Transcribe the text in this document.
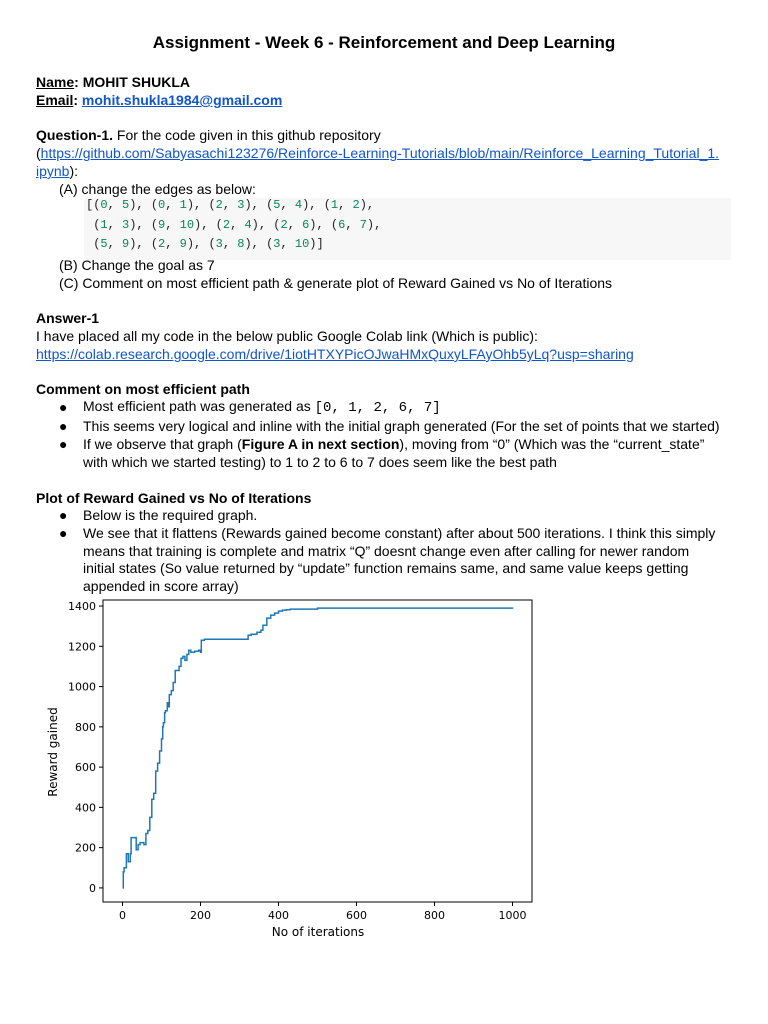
Assignment - Week 6 - Reinforcement and Deep Learning
Name: MOHIT SHUKLA
Email: mohit.shukla1984@gmail.com
Question-1. For the code given in this github repository
(https://github.com/Sabyasachi123276/Reinforce-Learning-Tutorials/blob/main/Reinforce_Learning_Tutorial_1.
ipynb):
(A) change the edges as below:
[(0, 5), (0, 1), (2, 3), (5, 4), (1, 2),
(1, 3), (9, 10), (2, 4), (2, 6), (6, 7),
(5, 9), (2, 9), (3, 8), (3, 10)]
(B) Change the goal as 7
(C) Comment on most efficient path & generate plot of Reward Gained vs No of Iterations
Answer-1
I have placed all my code in the below public Google Colab link (Which is public):
https://colab.research.google.com/drive/1iotHTXYPicOJwaHMxQuxyLFAyOhb5yLq?usp=sharing
Comment on most efficient path
● Most efficient path was generated as [0, 1, 2, 6, 7]
● This seems very logical and inline with the initial graph generated (For the set of points that we started)
● If we observe that graph (Figure A in next section), moving from “0” (Which was the “current_state”
with which we started testing) to 1 to 2 to 6 to 7 does seem like the best path
Plot of Reward Gained vs No of Iterations
● Below is the required graph.
● We see that it flattens (Rewards gained become constant) after about 500 iterations. I think this simply
means that training is complete and matrix “Q” doesnt change even after calling for newer random
initial states (So value returned by “update” function remains same, and same value keeps getting
appended in score array)
0	200	400	600	800	1000
0
200
400
600
800
1000
1200
1400
No of iterations
Reward gained
